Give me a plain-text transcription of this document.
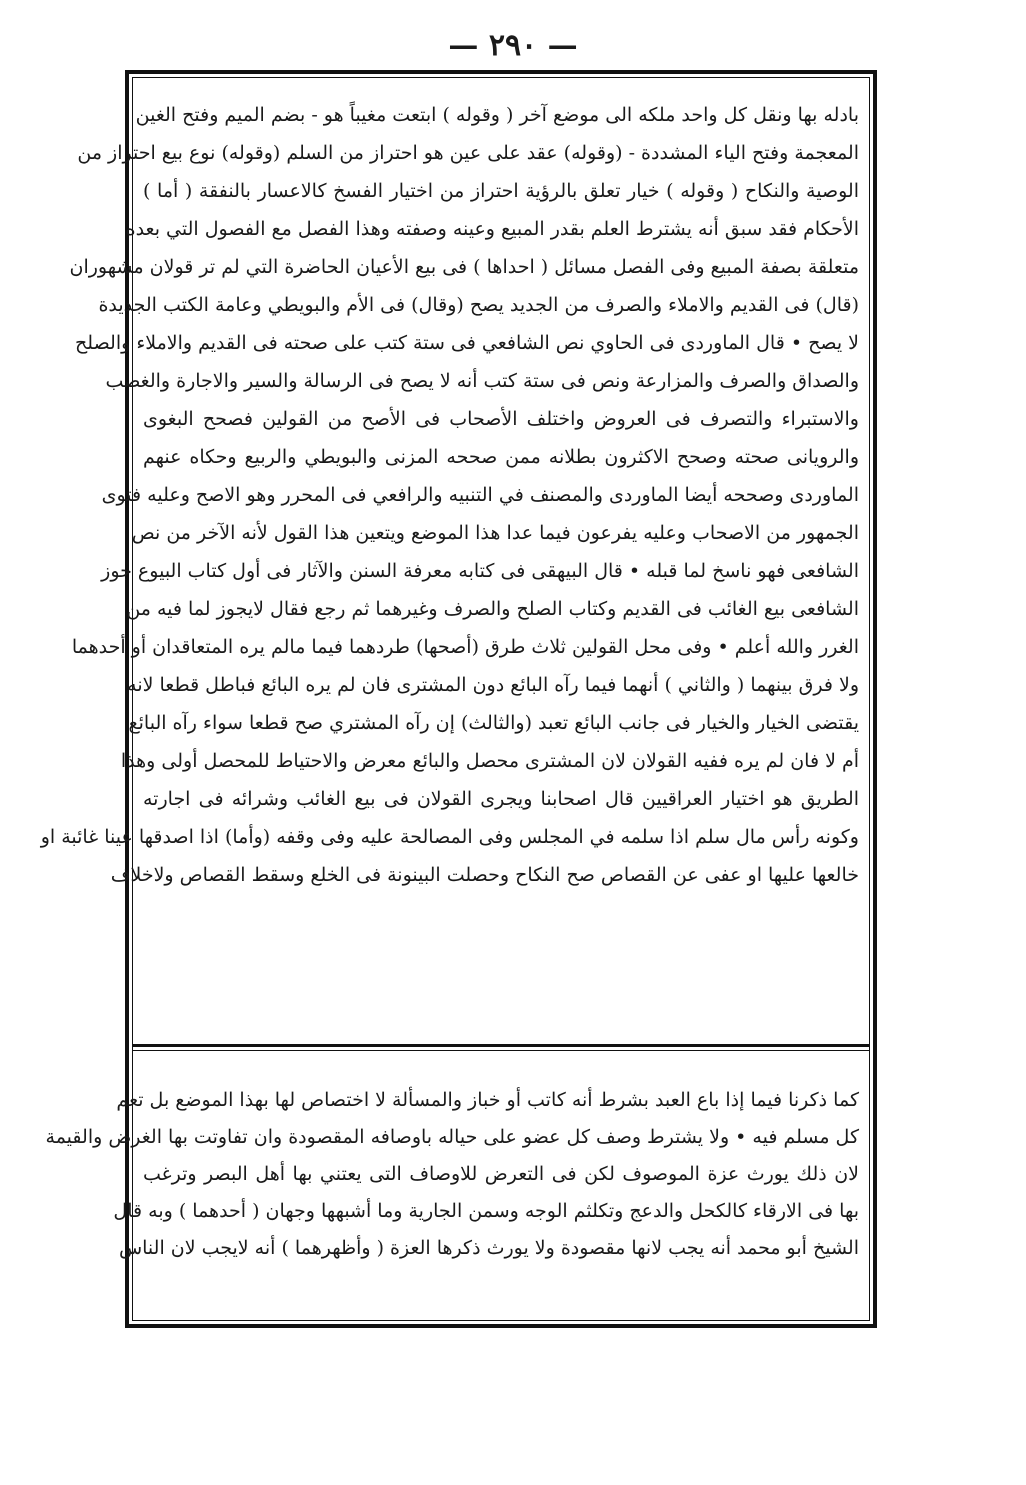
— ٢٩٠ —

بادله بها ونقل كل واحد ملكه الى موضع آخر ( وقوله ) ابتعت مغيباً هو - بضم الميم وفتح الغين

المعجمة وفتح الياء المشددة - (وقوله) عقد على عين هو احتراز من السلم (وقوله) نوع بيع احتراز من

الوصية والنكاح ( وقوله ) خيار تعلق بالرؤية احتراز من اختيار الفسخ كالاعسار بالنفقة ( أما )

الأحكام فقد سبق أنه يشترط العلم بقدر المبيع وعينه وصفته وهذا الفصل مع الفصول التي بعده

متعلقة بصفة المبيع وفى الفصل مسائل ( احداها ) فى بيع الأعيان الحاضرة التي لم تر قولان مشهوران

(قال) فى القديم والاملاء والصرف من الجديد يصح (وقال) فى الأم والبويطي وعامة الكتب الجديدة

لا يصح • قال الماوردى فى الحاوي نص الشافعي فى ستة كتب على صحته فى القديم والاملاء والصلح

والصداق والصرف والمزارعة ونص فى ستة كتب أنه لا يصح فى الرسالة والسير والاجارة والغصب

والاستبراء والتصرف فى العروض واختلف الأصحاب فى الأصح من القولين فصحح البغوى

والرويانى صحته وصحح الاكثرون بطلانه ممن صححه المزنى والبويطي والربيع وحكاه عنهم

الماوردى وصححه أيضا الماوردى والمصنف في التنبيه والرافعي فى المحرر وهو الاصح وعليه فتوى

الجمهور من الاصحاب وعليه يفرعون فيما عدا هذا الموضع ويتعين هذا القول لأنه الآخر من نص

الشافعى فهو ناسخ لما قبله • قال البيهقى فى كتابه معرفة السنن والآثار فى أول كتاب البيوع جوز

الشافعى بيع الغائب فى القديم وكتاب الصلح والصرف وغيرهما ثم رجع فقال لايجوز لما فيه من

الغرر والله أعلم • وفى محل القولين ثلاث طرق (أصحها) طردهما فيما مالم يره المتعاقدان أو أحدهما

ولا فرق بينهما ( والثاني ) أنهما فيما رآه البائع دون المشترى فان لم يره البائع فباطل قطعا لانه

يقتضى الخيار والخيار فى جانب البائع تعبد (والثالث) إن رآه المشتري صح قطعا سواء رآه البائع

أم لا فان لم يره ففيه القولان لان المشترى محصل والبائع معرض والاحتياط للمحصل أولى وهذا

الطريق هو اختيار العراقيين قال اصحابنا ويجرى القولان فى بيع الغائب وشرائه فى اجارته

وكونه رأس مال سلم اذا سلمه في المجلس وفى المصالحة عليه وفى وقفه (وأما) اذا اصدقها عينا غائبة او

خالعها عليها او عفى عن القصاص صح النكاح وحصلت البينونة فى الخلع وسقط القصاص ولاخلاف

كما ذكرنا فيما إذا باع العبد بشرط أنه كاتب أو خباز والمسألة لا اختصاص لها بهذا الموضع بل تعم

كل مسلم فيه • ولا يشترط وصف كل عضو على حياله باوصافه المقصودة وان تفاوتت بها الغرض والقيمة

لان ذلك يورث عزة الموصوف لكن فى التعرض للاوصاف التى يعتني بها أهل البصر وترغب

بها فى الارقاء كالكحل والدعج وتكلثم الوجه وسمن الجارية وما أشبهها وجهان ( أحدهما ) وبه قال

الشيخ أبو محمد أنه يجب لانها مقصودة ولا يورث ذكرها العزة ( وأظهرهما ) أنه لايجب لان الناس
